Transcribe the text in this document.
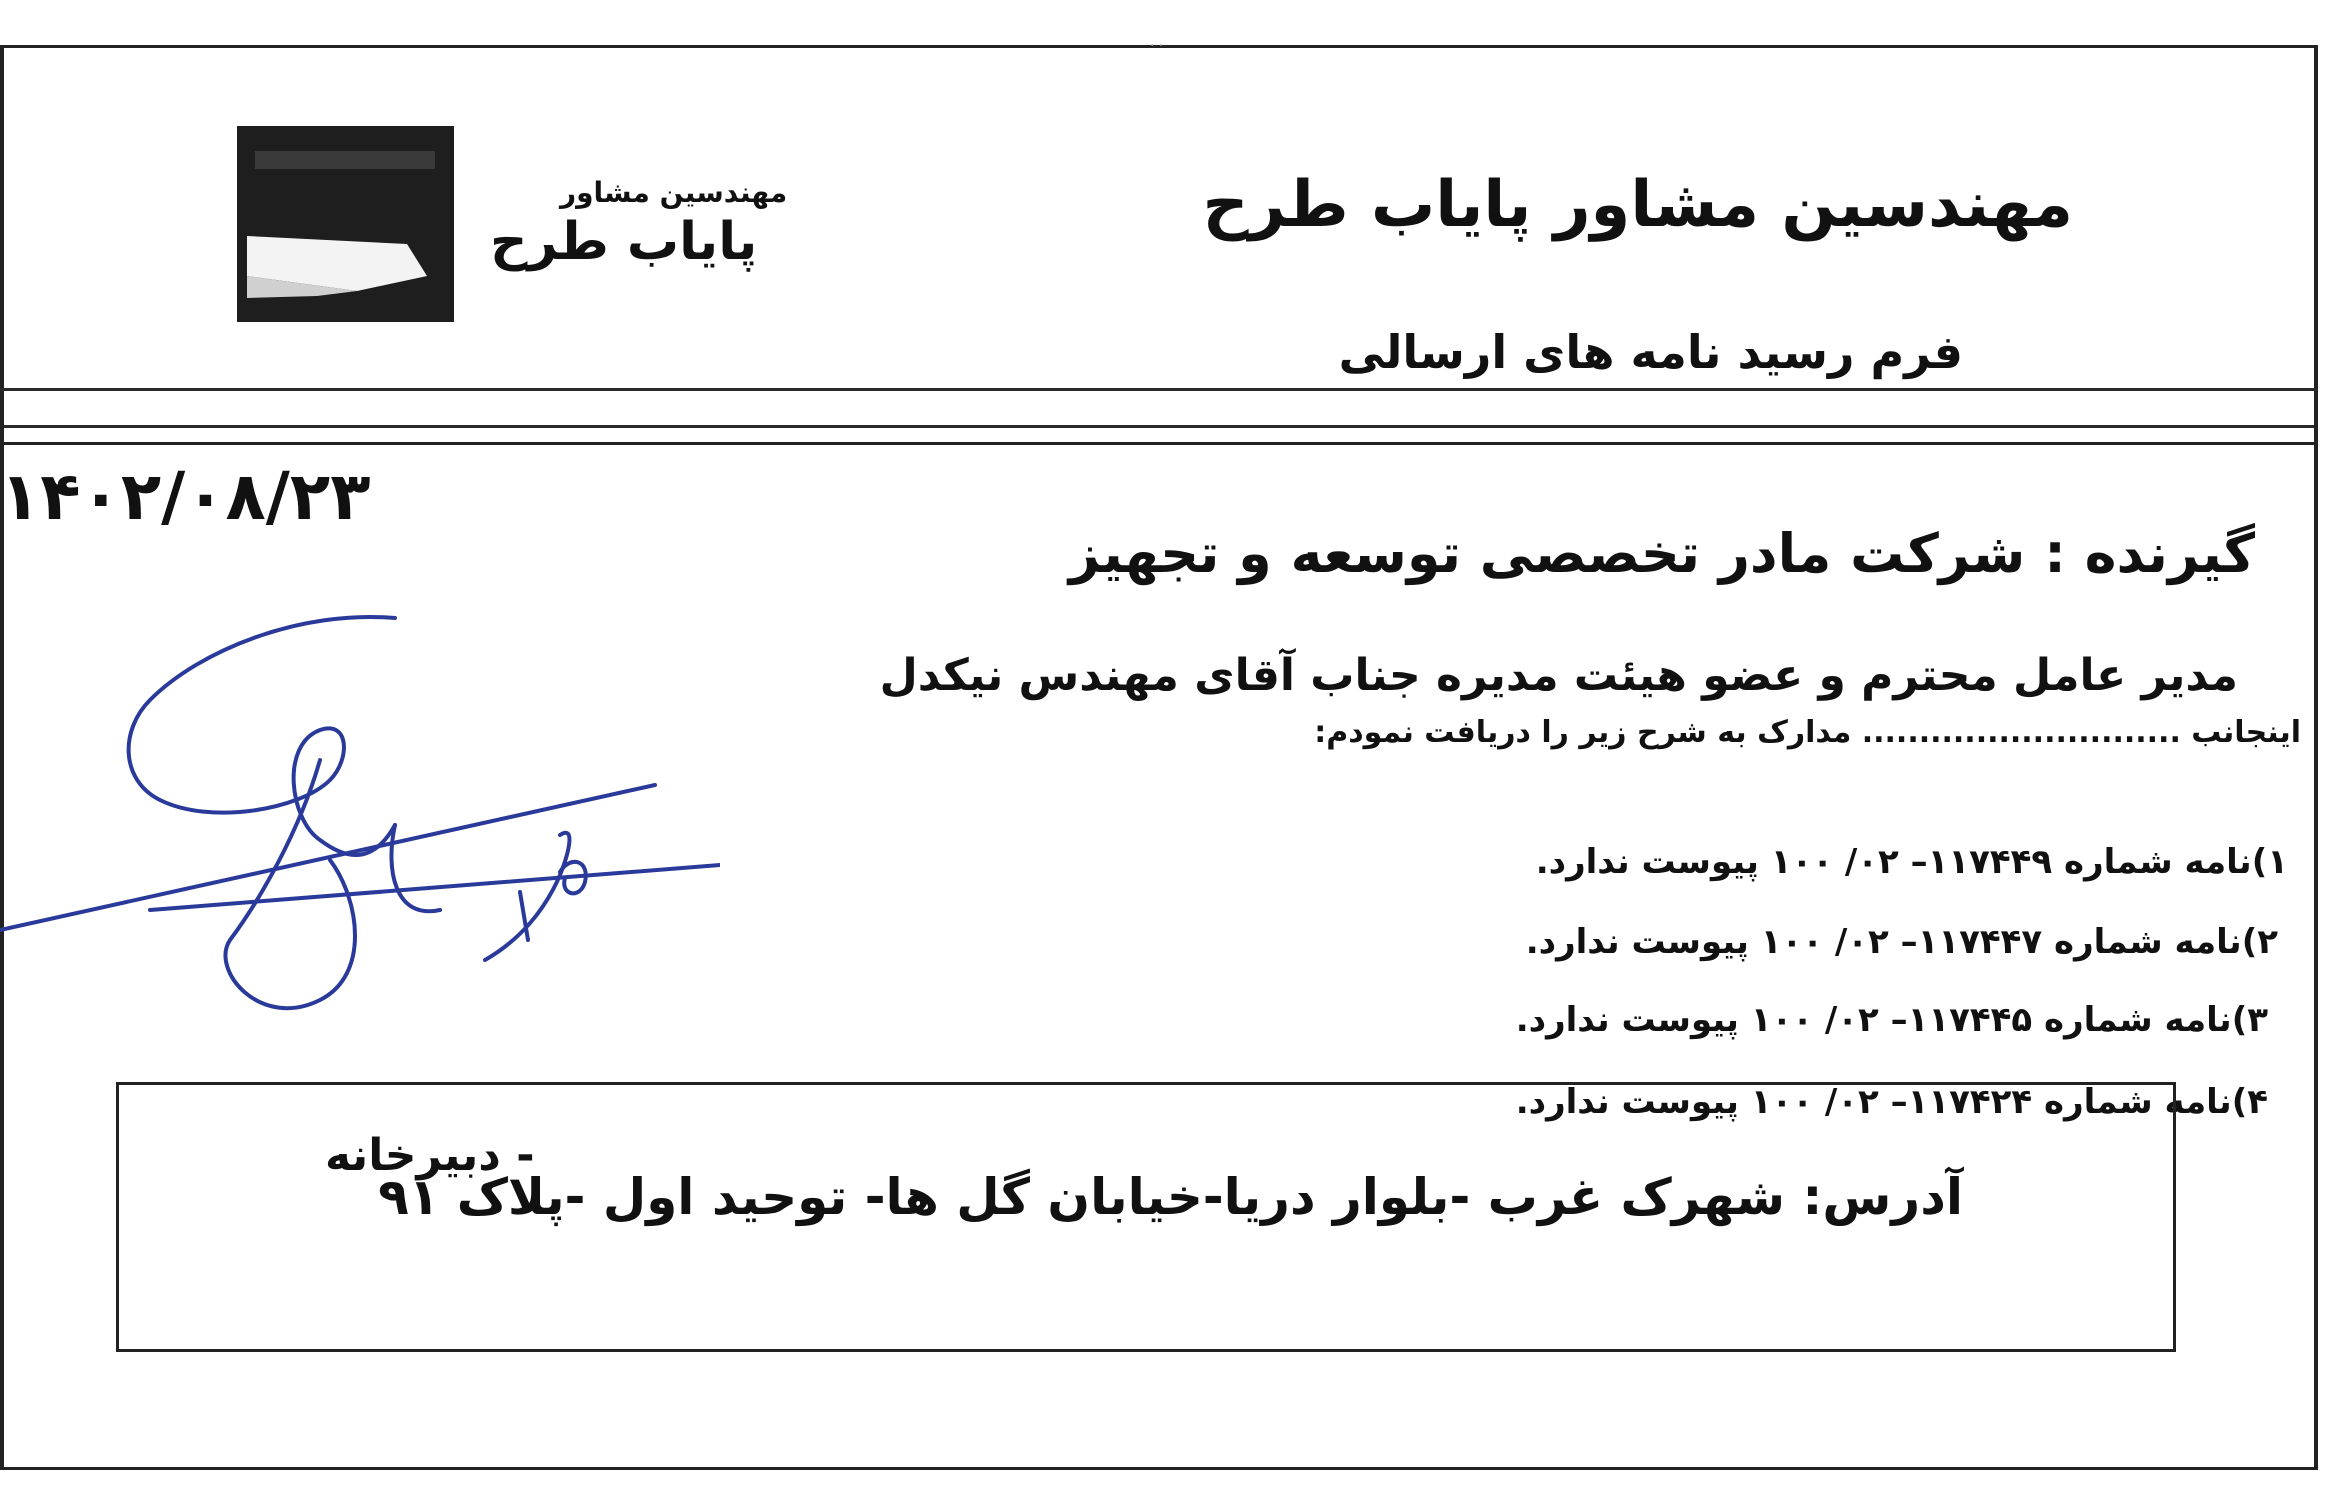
· ·
مهندسین مشاور
پایاب طرح	مهندسین مشاور پایاب طرح
فرم رسید نامه های ارسالی
۱۴۰۲/۰۸/۲۳
گیرنده : شرکت مادر تخصصی توسعه و تجهیز
مدیر عامل محترم و عضو هیئت مدیره جناب آقای مهندس نیکدل
اینجانب ............................ مدارک به شرح زیر را دریافت نمودم:
۱)نامه شماره ۱۱۷۴۴۹– ۰۲/ ۱۰۰ پیوست ندارد.
۲)نامه شماره ۱۱۷۴۴۷– ۰۲/ ۱۰۰ پیوست ندارد.
۳)نامه شماره ۱۱۷۴۴۵– ۰۲/ ۱۰۰ پیوست ندارد.
۴)نامه شماره ۱۱۷۴۲۴– ۰۲/ ۱۰۰ پیوست ندارد.
آدرس: شهرک غرب -بلوار دریا-خیابان گل ها- توحید اول -پلاک ۹۱
- دبیرخانه
